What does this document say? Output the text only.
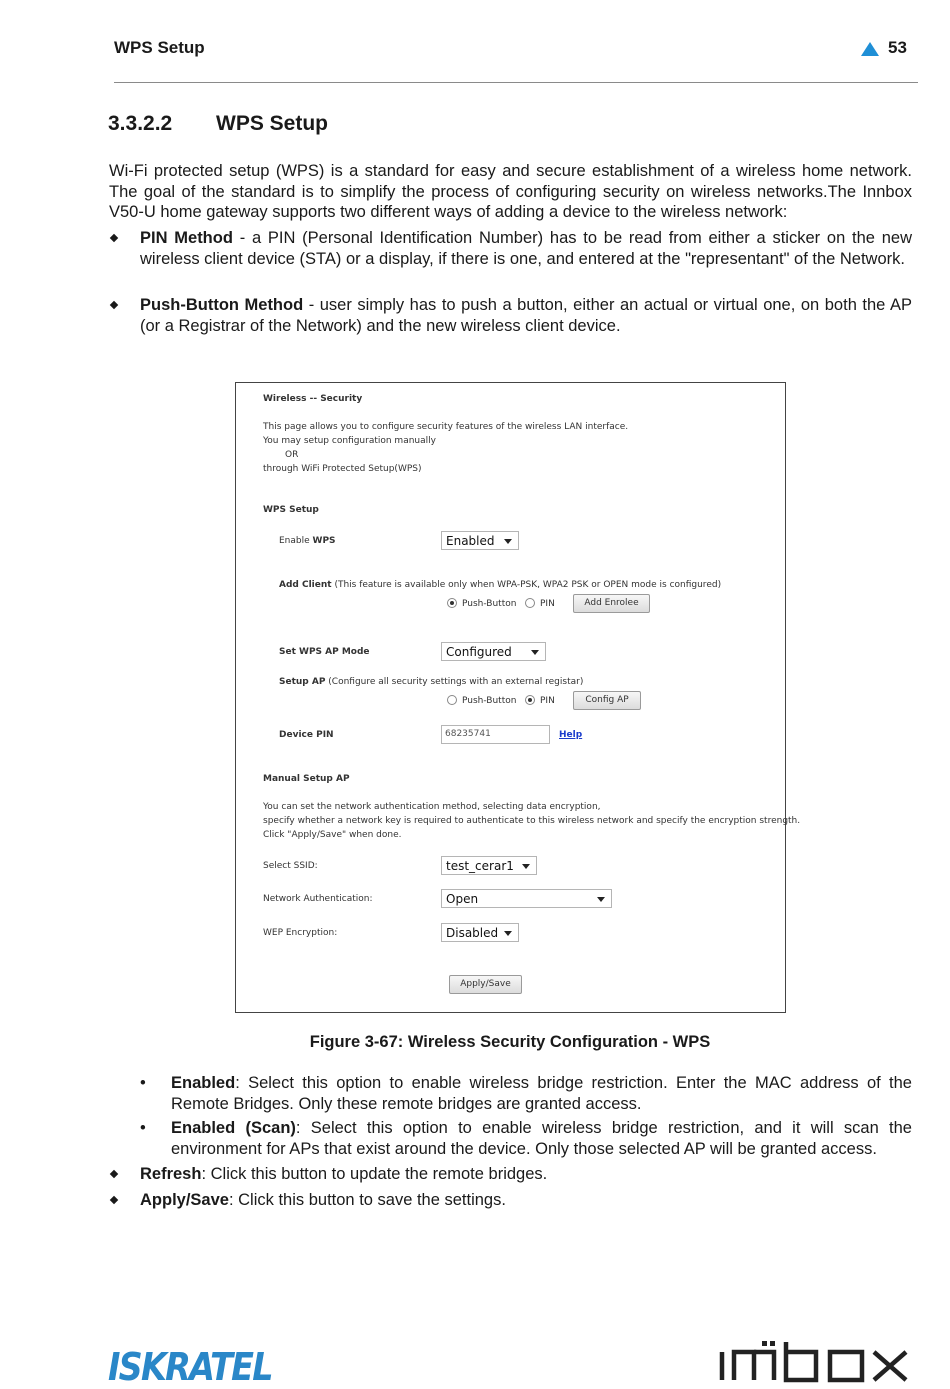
WPS Setup	53
3.3.2.2 WPS Setup
Wi-Fi protected setup (WPS) is a standard for easy and secure establishment of a wireless home network. The goal of the standard is to simplify the process of configuring security on wireless networks.The Innbox V50-U home gateway supports two different ways of adding a device to the wireless network:
PIN Method - a PIN (Personal Identification Number) has to be read from either a sticker on the new wireless client device (STA) or a display, if there is one, and entered at the "representant" of the Network.
Push-Button Method - user simply has to push a button, either an actual or virtual one, on both the AP (or a Registrar of the Network) and the new wireless client device.
Wireless -- Security
This page allows you to configure security features of the wireless LAN interface.
You may setup configuration manually
OR
through WiFi Protected Setup(WPS)
WPS Setup
Enable WPS	Enabled
Add Client (This feature is available only when WPA-PSK, WPA2 PSK or OPEN mode is configured)
Push-Button	PIN	Add Enrolee
Set WPS AP Mode	Configured
Setup AP (Configure all security settings with an external registar)
Push-Button	PIN	Config AP
Device PIN	68235741	Help
Manual Setup AP
You can set the network authentication method, selecting data encryption,
specify whether a network key is required to authenticate to this wireless network and specify the encryption strength.
Click "Apply/Save" when done.
Select SSID:	test_cerar1
Network Authentication:	Open
WEP Encryption:	Disabled
Apply/Save
Figure 3-67: Wireless Security Configuration - WPS
• Enabled: Select this option to enable wireless bridge restriction. Enter the MAC address of the Remote Bridges. Only these remote bridges are granted access.
• Enabled (Scan): Select this option to enable wireless bridge restriction, and it will scan the environment for APs that exist around the device. Only those selected AP will be granted access.
Refresh: Click this button to update the remote bridges.
Apply/Save: Click this button to save the settings.
ISKRATEL
